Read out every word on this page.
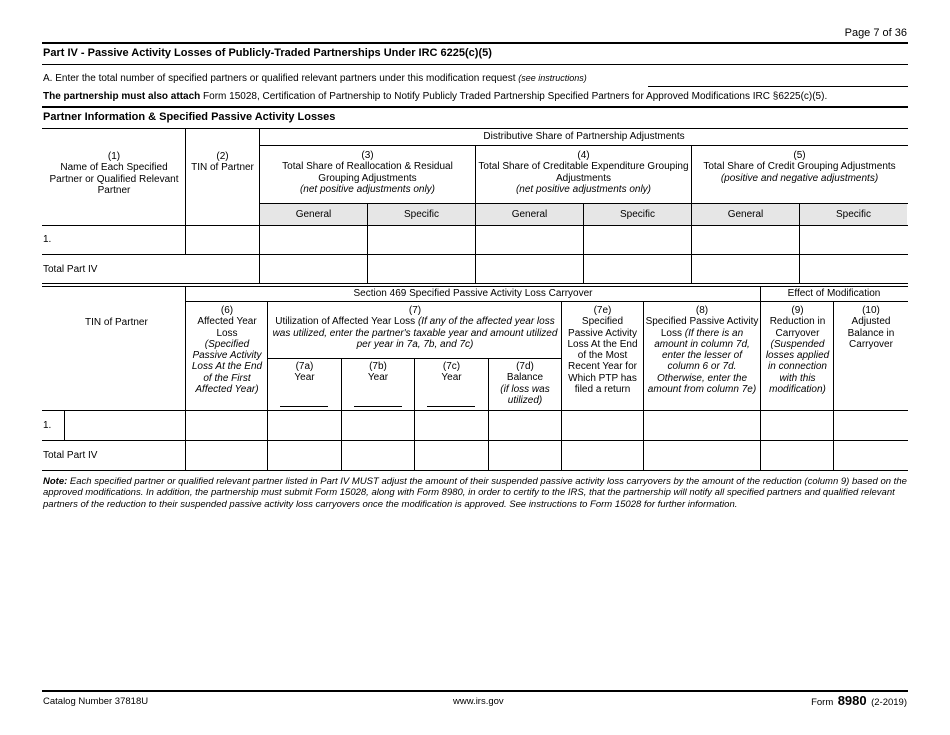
Page 7 of 36
Part IV - Passive Activity Losses of Publicly-Traded Partnerships Under IRC 6225(c)(5)
A. Enter the total number of specified partners or qualified relevant partners under this modification request (see instructions)
The partnership must also attach Form 15028, Certification of Partnership to Notify Publicly Traded Partnership Specified Partners for Approved Modifications IRC §6225(c)(5).
Partner Information & Specified Passive Activity Losses
Distributive Share of Partnership Adjustments
(1)
Name of Each Specified Partner or Qualified Relevant Partner
(2)
TIN of Partner
(3)
Total Share of Reallocation & Residual Grouping Adjustments
(net positive adjustments only)
(4)
Total Share of Creditable Expenditure Grouping Adjustments
(net positive adjustments only)
(5)
Total Share of Credit Grouping Adjustments
(positive and negative adjustments)
General	Specific	General	Specific	General	Specific
1.
Total Part IV
Section 469 Specified Passive Activity Loss Carryover	Effect of Modification
TIN of Partner
(6)
Affected Year Loss
(Specified Passive Activity Loss At the End of the First Affected Year)
(7)
Utilization of Affected Year Loss (If any of the affected year loss was utilized, enter the partner's taxable year and amount utilized per year in 7a, 7b, and 7c)
(7a)
Year
(7b)
Year
(7c)
Year
(7d)
Balance
(if loss was utilized)
(7e)
Specified Passive Activity Loss At the End of the Most Recent Year for Which PTP has filed a return
(8)
Specified Passive Activity Loss (If there is an amount in column 7d, enter the lesser of column 6 or 7d. Otherwise, enter the amount from column 7e)
(9)
Reduction in Carryover
(Suspended losses applied in connection with this modification)
(10)
Adjusted Balance in Carryover
1.
Total Part IV
Note: Each specified partner or qualified relevant partner listed in Part IV MUST adjust the amount of their suspended passive activity loss carryovers by the amount of the reduction (column 9) based on the approved modifications. In addition, the partnership must submit Form 15028, along with Form 8980, in order to certify to the IRS, that the partnership will notify all specified partners and qualified relevant partners of the reduction to their suspended passive activity loss carryovers once the modification is approved. See instructions to Form 15028 for further information.
Catalog Number 37818U	www.irs.gov	Form 8980 (2-2019)
